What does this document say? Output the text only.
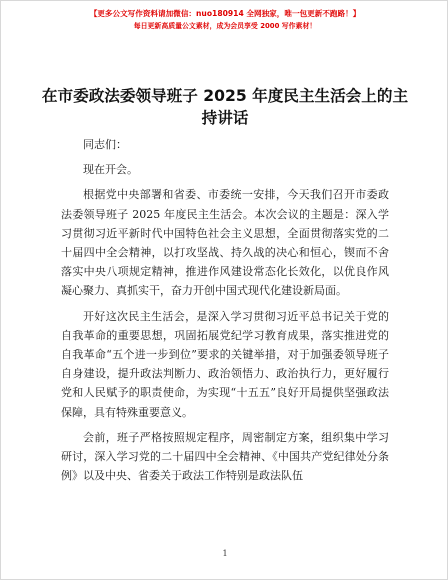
【更多公文写作资料请加微信：nuo180914 全网独家，唯一包更新不跑路！】
每日更新高质量公文素材，成为会员享受 2000 写作素材！
在市委政法委领导班子 2025 年度民主生活会上的主持讲话

同志们：

现在开会。

根据党中央部署和省委、市委统一安排，今天我们召开市委政法委领导班子 2025 年度民主生活会。本次会议的主题是：深入学习贯彻习近平新时代中国特色社会主义思想，全面贯彻落实党的二十届四中全会精神，以打攻坚战、持久战的决心和恒心，锲而不舍落实中央八项规定精神，推进作风建设常态化长效化，以优良作风凝心聚力、真抓实干，奋力开创中国式现代化建设新局面。

开好这次民主生活会，是深入学习贯彻习近平总书记关于党的自我革命的重要思想，巩固拓展党纪学习教育成果，落实推进党的自我革命“五个进一步到位”要求的关键举措，对于加强委领导班子自身建设，提升政法判断力、政治领悟力、政治执行力，更好履行党和人民赋予的职责使命，为实现“十五五”良好开局提供坚强政法保障，具有特殊重要意义。

会前，班子严格按照规定程序，周密制定方案，组织集中学习研讨，深入学习党的二十届四中全会精神、《中国共产党纪律处分条例》以及中央、省委关于政法工作特别是政法队伍

1
